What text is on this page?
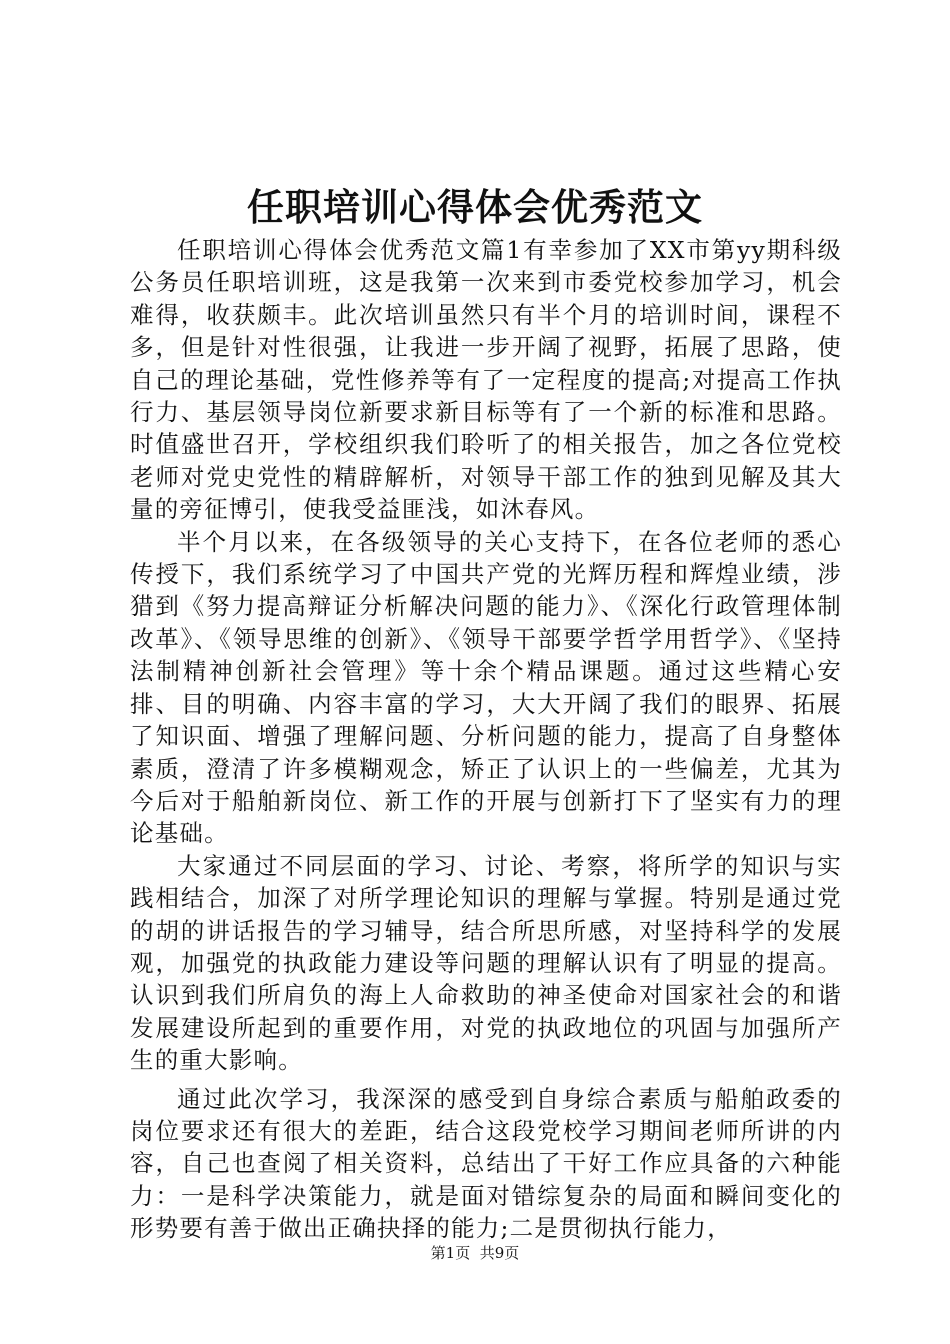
任职培训心得体会优秀范文

任职培训心得体会优秀范文篇1有幸参加了XX市第yy期科级公务员任职培训班，这是我第一次来到市委党校参加学习，机会难得，收获颇丰。此次培训虽然只有半个月的培训时间，课程不多，但是针对性很强，让我进一步开阔了视野，拓展了思路，使自己的理论基础，党性修养等有了一定程度的提高;对提高工作执行力、基层领导岗位新要求新目标等有了一个新的标准和思路。时值盛世召开，学校组织我们聆听了的相关报告，加之各位党校老师对党史党性的精辟解析，对领导干部工作的独到见解及其大量的旁征博引，使我受益匪浅，如沐春风。

半个月以来，在各级领导的关心支持下，在各位老师的悉心传授下，我们系统学习了中国共产党的光辉历程和辉煌业绩，涉猎到《努力提高辩证分析解决问题的能力》、《深化行政管理体制改革》、《领导思维的创新》、《领导干部要学哲学用哲学》、《坚持法制精神创新社会管理》等十余个精品课题。通过这些精心安排、目的明确、内容丰富的学习，大大开阔了我们的眼界、拓展了知识面、增强了理解问题、分析问题的能力，提高了自身整体素质，澄清了许多模糊观念，矫正了认识上的一些偏差，尤其为今后对于船舶新岗位、新工作的开展与创新打下了坚实有力的理论基础。

大家通过不同层面的学习、讨论、考察，将所学的知识与实践相结合，加深了对所学理论知识的理解与掌握。特别是通过党的胡的讲话报告的学习辅导，结合所思所感，对坚持科学的发展观，加强党的执政能力建设等问题的理解认识有了明显的提高。认识到我们所肩负的海上人命救助的神圣使命对国家社会的和谐发展建设所起到的重要作用，对党的执政地位的巩固与加强所产生的重大影响。

通过此次学习，我深深的感受到自身综合素质与船舶政委的岗位要求还有很大的差距，结合这段党校学习期间老师所讲的内容，自己也查阅了相关资料，总结出了干好工作应具备的六种能力：一是科学决策能力，就是面对错综复杂的局面和瞬间变化的形势要有善于做出正确抉择的能力;二是贯彻执行能力，

第1页 共9页
